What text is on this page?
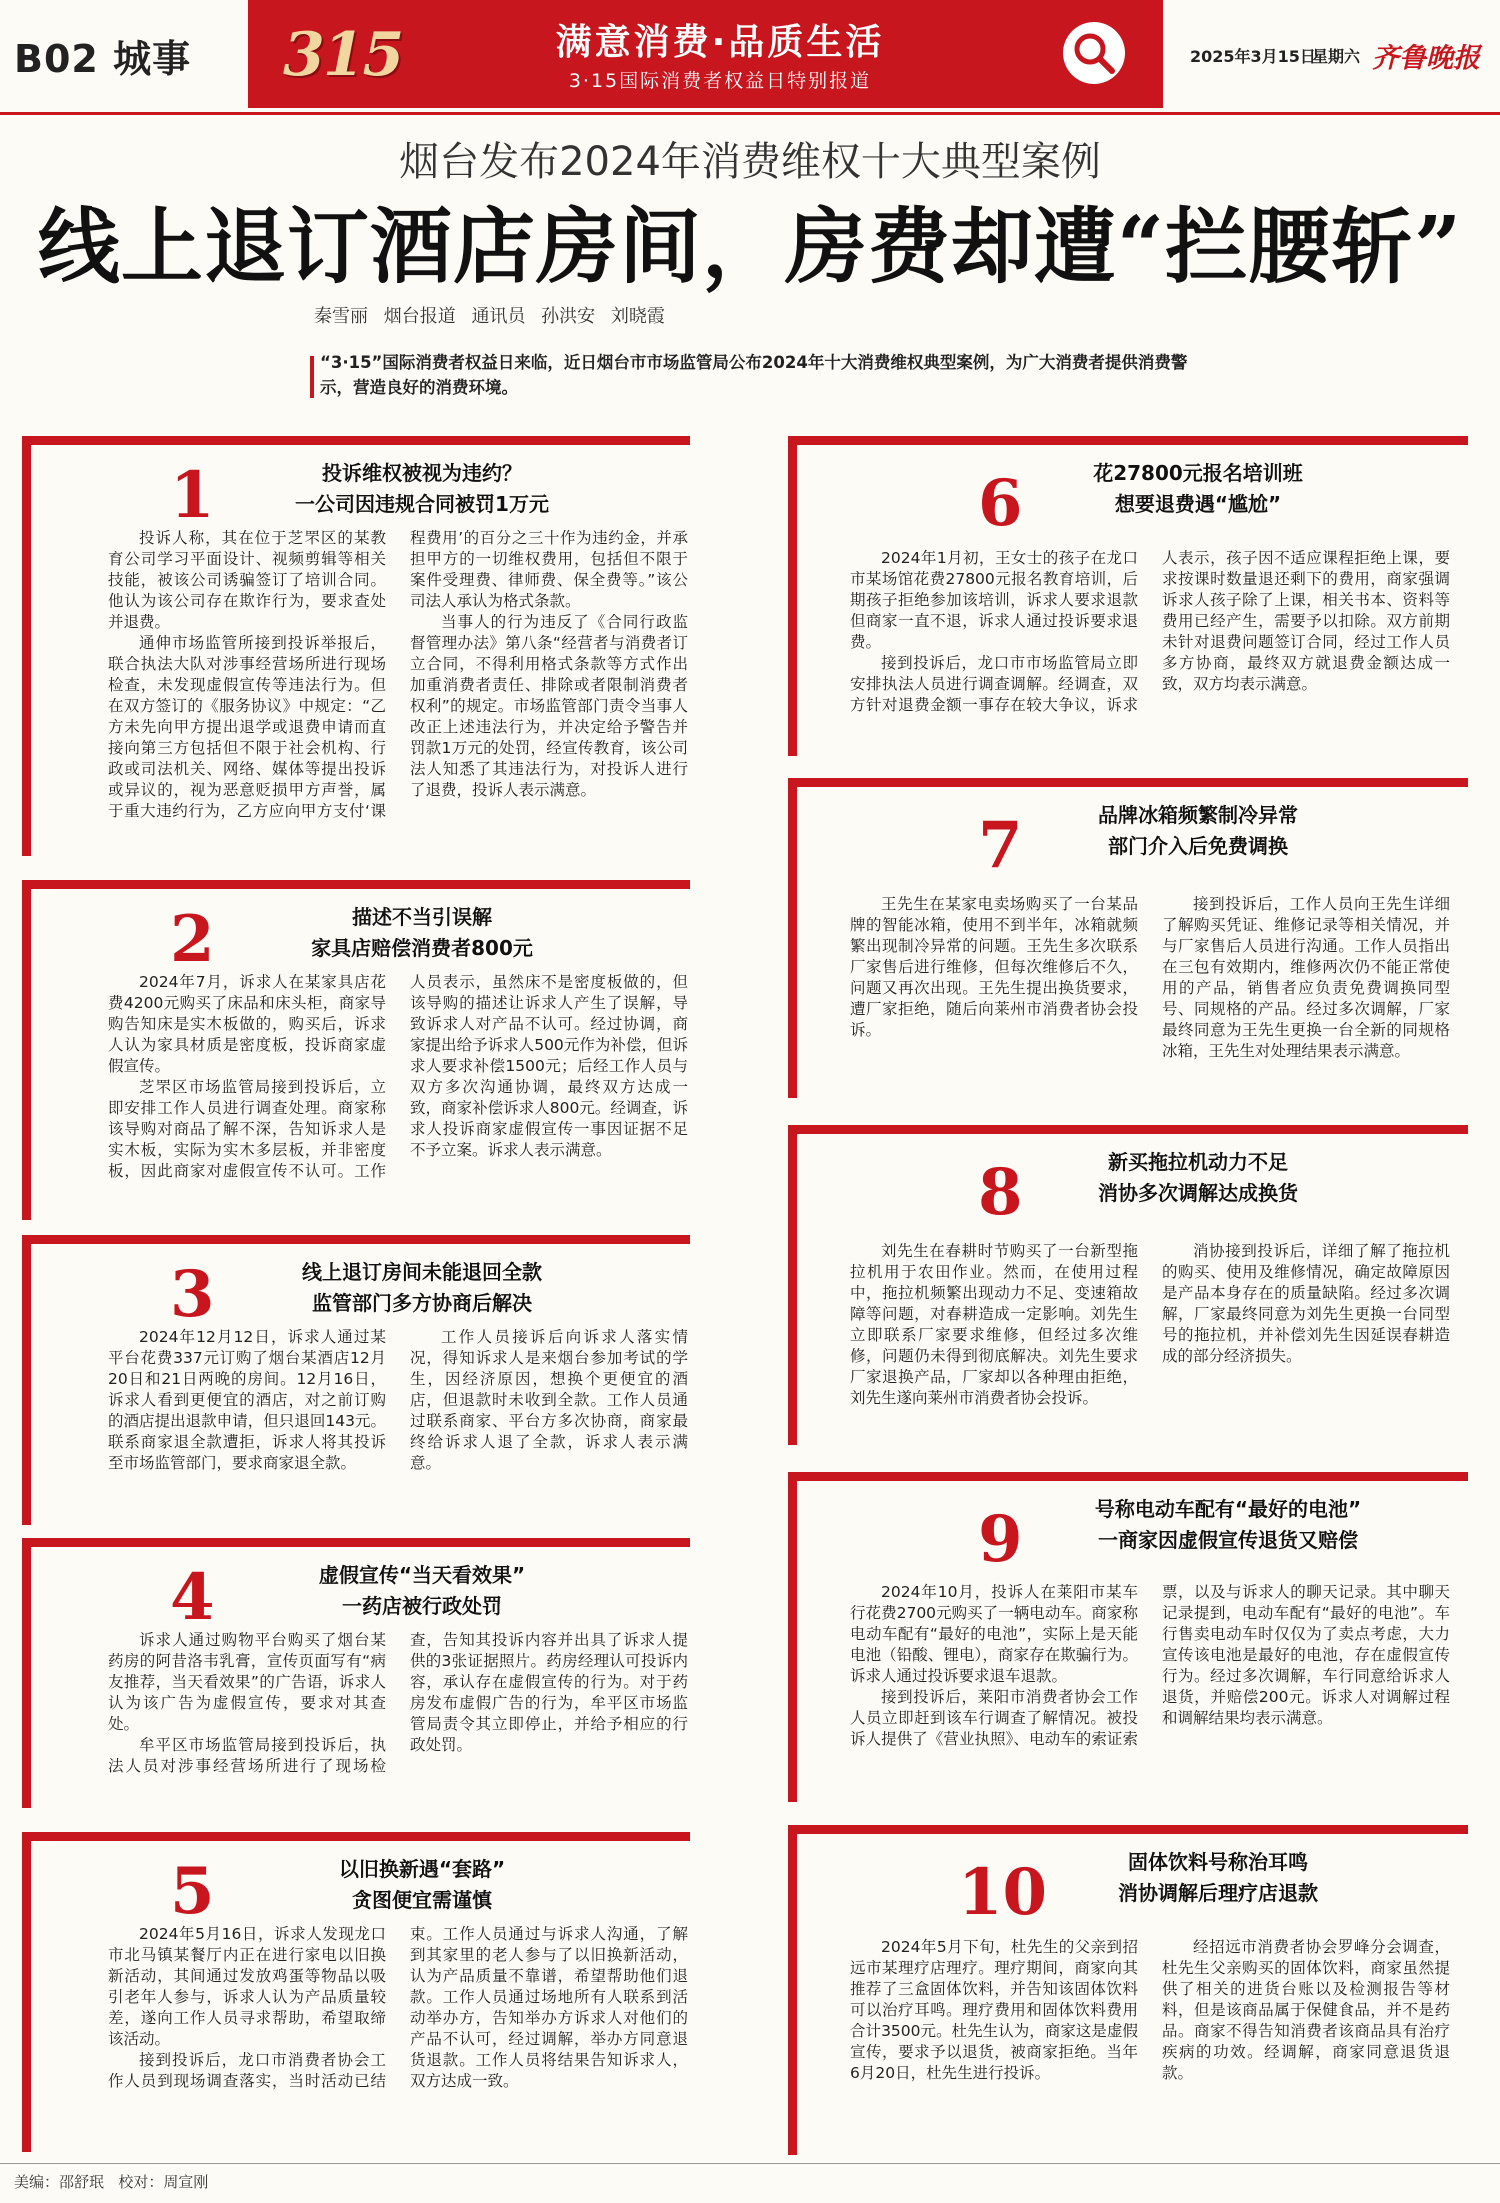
B02 城事 315	满意消费·品质生活
3·15国际消费者权益日特别报道
2025年3月15日
星期六 齐鲁晚报
烟台发布2024年消费维权十大典型案例
线上退订酒店房间，房费却遭“拦腰斩”
秦雪丽 烟台报道 通讯员 孙洪安 刘晓霞
“3·15”国际消费者权益日来临，近日烟台市市场监管局公布2024年十大消费维权典型案例，为广大消费者提供消费警示，营造良好的消费环境。
1	投诉维权被视为违约？
一公司因违规合同被罚1万元

投诉人称，其在位于芝罘区的某教育公司学习平面设计、视频剪辑等相关技能，被该公司诱骗签订了培训合同。他认为该公司存在欺诈行为，要求查处并退费。

通伸市场监管所接到投诉举报后，联合执法大队对涉事经营场所进行现场检查，未发现虚假宣传等违法行为。但在双方签订的《服务协议》中规定：“乙方未先向甲方提出退学或退费申请而直接向第三方包括但不限于社会机构、行政或司法机关、网络、媒体等提出投诉或异议的，视为恶意贬损甲方声誉，属于重大违约行为，乙方应向甲方支付‘课程费用’的百分之三十作为违约金，并承担甲方的一切维权费用，包括但不限于案件受理费、律师费、保全费等。”该公司法人承认为格式条款。

当事人的行为违反了《合同行政监督管理办法》第八条“经营者与消费者订立合同，不得利用格式条款等方式作出加重消费者责任、排除或者限制消费者权利”的规定。市场监管部门责令当事人改正上述违法行为，并决定给予警告并罚款1万元的处罚，经宣传教育，该公司法人知悉了其违法行为，对投诉人进行了退费，投诉人表示满意。

2	描述不当引误解
家具店赔偿消费者800元

2024年7月，诉求人在某家具店花费4200元购买了床品和床头柜，商家导购告知床是实木板做的，购买后，诉求人认为家具材质是密度板，投诉商家虚假宣传。

芝罘区市场监管局接到投诉后，立即安排工作人员进行调查处理。商家称该导购对商品了解不深，告知诉求人是实木板，实际为实木多层板，并非密度板，因此商家对虚假宣传不认可。工作人员表示，虽然床不是密度板做的，但该导购的描述让诉求人产生了误解，导致诉求人对产品不认可。经过协调，商家提出给予诉求人500元作为补偿，但诉求人要求补偿1500元；后经工作人员与双方多次沟通协调，最终双方达成一致，商家补偿诉求人800元。经调查，诉求人投诉商家虚假宣传一事因证据不足不予立案。诉求人表示满意。

3	线上退订房间未能退回全款
监管部门多方协商后解决

2024年12月12日，诉求人通过某平台花费337元订购了烟台某酒店12月20日和21日两晚的房间。12月16日，诉求人看到更便宜的酒店，对之前订购的酒店提出退款申请，但只退回143元。联系商家退全款遭拒，诉求人将其投诉至市场监管部门，要求商家退全款。

工作人员接诉后向诉求人落实情况，得知诉求人是来烟台参加考试的学生，因经济原因，想换个更便宜的酒店，但退款时未收到全款。工作人员通过联系商家、平台方多次协商，商家最终给诉求人退了全款，诉求人表示满意。

4	虚假宣传“当天看效果”
一药店被行政处罚

诉求人通过购物平台购买了烟台某药房的阿昔洛韦乳膏，宣传页面写有“病友推荐，当天看效果”的广告语，诉求人认为该广告为虚假宣传，要求对其查处。

牟平区市场监管局接到投诉后，执法人员对涉事经营场所进行了现场检查，告知其投诉内容并出具了诉求人提供的3张证据照片。药房经理认可投诉内容，承认存在虚假宣传的行为。对于药房发布虚假广告的行为，牟平区市场监管局责令其立即停止，并给予相应的行政处罚。

5	以旧换新遇“套路”
贪图便宜需谨慎

2024年5月16日，诉求人发现龙口市北马镇某餐厅内正在进行家电以旧换新活动，其间通过发放鸡蛋等物品以吸引老年人参与，诉求人认为产品质量较差，遂向工作人员寻求帮助，希望取缔该活动。

接到投诉后，龙口市消费者协会工作人员到现场调查落实，当时活动已结束。工作人员通过与诉求人沟通，了解到其家里的老人参与了以旧换新活动，认为产品质量不靠谱，希望帮助他们退款。工作人员通过场地所有人联系到活动举办方，告知举办方诉求人对他们的产品不认可，经过调解，举办方同意退货退款。工作人员将结果告知诉求人，双方达成一致。

6	花27800元报名培训班
想要退费遇“尴尬”

2024年1月初，王女士的孩子在龙口市某场馆花费27800元报名教育培训，后期孩子拒绝参加该培训，诉求人要求退款但商家一直不退，诉求人通过投诉要求退费。

接到投诉后，龙口市市场监管局立即安排执法人员进行调查调解。经调查，双方针对退费金额一事存在较大争议，诉求人表示，孩子因不适应课程拒绝上课，要求按课时数量退还剩下的费用，商家强调诉求人孩子除了上课，相关书本、资料等费用已经产生，需要予以扣除。双方前期未针对退费问题签订合同，经过工作人员多方协商，最终双方就退费金额达成一致，双方均表示满意。

7	品牌冰箱频繁制冷异常
部门介入后免费调换

王先生在某家电卖场购买了一台某品牌的智能冰箱，使用不到半年，冰箱就频繁出现制冷异常的问题。王先生多次联系厂家售后进行维修，但每次维修后不久，问题又再次出现。王先生提出换货要求，遭厂家拒绝，随后向莱州市消费者协会投诉。

接到投诉后，工作人员向王先生详细了解购买凭证、维修记录等相关情况，并与厂家售后人员进行沟通。工作人员指出在三包有效期内，维修两次仍不能正常使用的产品，销售者应负责免费调换同型号、同规格的产品。经过多次调解，厂家最终同意为王先生更换一台全新的同规格冰箱，王先生对处理结果表示满意。

8	新买拖拉机动力不足
消协多次调解达成换货

刘先生在春耕时节购买了一台新型拖拉机用于农田作业。然而，在使用过程中，拖拉机频繁出现动力不足、变速箱故障等问题，对春耕造成一定影响。刘先生立即联系厂家要求维修，但经过多次维修，问题仍未得到彻底解决。刘先生要求厂家退换产品，厂家却以各种理由拒绝，刘先生遂向莱州市消费者协会投诉。

消协接到投诉后，详细了解了拖拉机的购买、使用及维修情况，确定故障原因是产品本身存在的质量缺陷。经过多次调解，厂家最终同意为刘先生更换一台同型号的拖拉机，并补偿刘先生因延误春耕造成的部分经济损失。

9	号称电动车配有“最好的电池”
一商家因虚假宣传退货又赔偿

2024年10月，投诉人在莱阳市某车行花费2700元购买了一辆电动车。商家称电动车配有“最好的电池”，实际上是天能电池（铅酸、锂电），商家存在欺骗行为。诉求人通过投诉要求退车退款。

接到投诉后，莱阳市消费者协会工作人员立即赶到该车行调查了解情况。被投诉人提供了《营业执照》、电动车的索证索票，以及与诉求人的聊天记录。其中聊天记录提到，电动车配有“最好的电池”。车行售卖电动车时仅仅为了卖点考虑，大力宣传该电池是最好的电池，存在虚假宣传行为。经过多次调解，车行同意给诉求人退货，并赔偿200元。诉求人对调解过程和调解结果均表示满意。

10	固体饮料号称治耳鸣
消协调解后理疗店退款

2024年5月下旬，杜先生的父亲到招远市某理疗店理疗。理疗期间，商家向其推荐了三盒固体饮料，并告知该固体饮料可以治疗耳鸣。理疗费用和固体饮料费用合计3500元。杜先生认为，商家这是虚假宣传，要求予以退货，被商家拒绝。当年6月20日，杜先生进行投诉。

经招远市消费者协会罗峰分会调查，杜先生父亲购买的固体饮料，商家虽然提供了相关的进货台账以及检测报告等材料，但是该商品属于保健食品，并不是药品。商家不得告知消费者该商品具有治疗疾病的功效。经调解，商家同意退货退款。

美编：邵舒珉 校对：周宣刚
